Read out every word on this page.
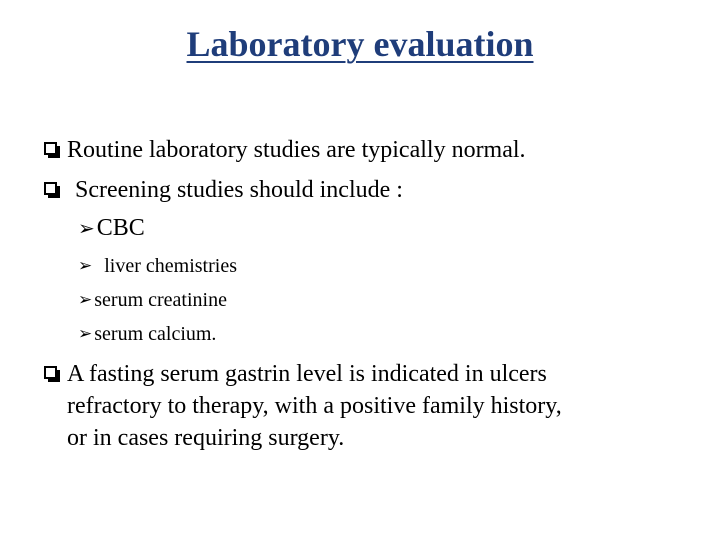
Laboratory evaluation
Routine laboratory studies are typically normal.
Screening studies should include :
➢ CBC
➢ liver chemistries
➢ serum creatinine
➢ serum calcium.
A fasting serum gastrin level is indicated in ulcers
refractory to therapy, with a positive family history,
or in cases requiring surgery.
